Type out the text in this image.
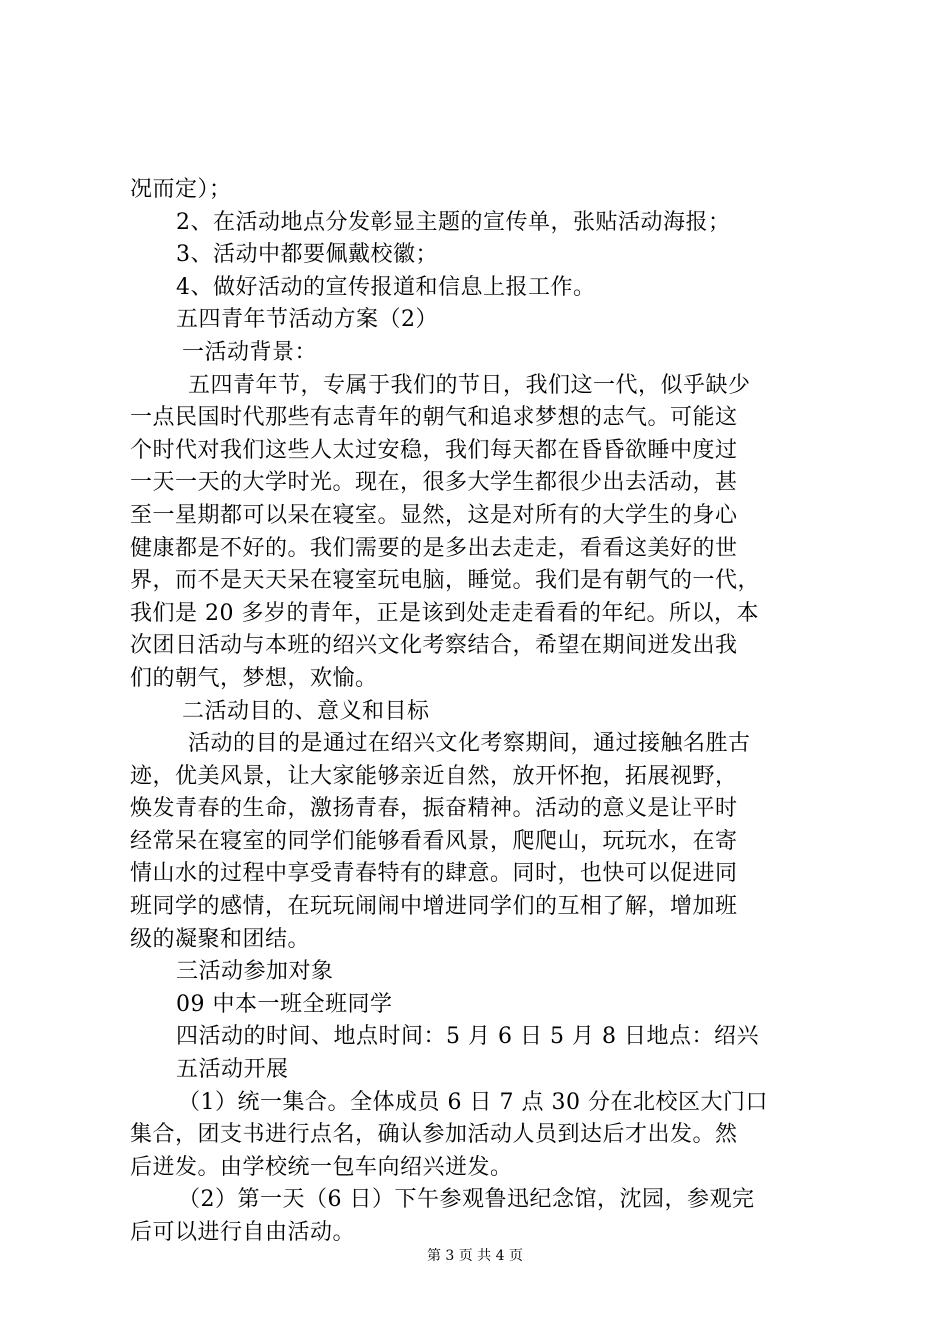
况而定）；
2、在活动地点分发彰显主题的宣传单，张贴活动海报；
3、活动中都要佩戴校徽；
4、做好活动的宣传报道和信息上报工作。
五四青年节活动方案（2）
一活动背景：
五四青年节，专属于我们的节日，我们这一代，似乎缺少
一点民国时代那些有志青年的朝气和追求梦想的志气。可能这
个时代对我们这些人太过安稳，我们每天都在昏昏欲睡中度过
一天一天的大学时光。现在，很多大学生都很少出去活动，甚
至一星期都可以呆在寝室。显然，这是对所有的大学生的身心
健康都是不好的。我们需要的是多出去走走，看看这美好的世
界，而不是天天呆在寝室玩电脑，睡觉。我们是有朝气的一代，
我们是 20 多岁的青年，正是该到处走走看看的年纪。所以，本
次团日活动与本班的绍兴文化考察结合，希望在期间迸发出我
们的朝气，梦想，欢愉。
二活动目的、意义和目标
活动的目的是通过在绍兴文化考察期间，通过接触名胜古
迹，优美风景，让大家能够亲近自然，放开怀抱，拓展视野，
焕发青春的生命，激扬青春，振奋精神。活动的意义是让平时
经常呆在寝室的同学们能够看看风景，爬爬山，玩玩水，在寄
情山水的过程中享受青春特有的肆意。同时，也快可以促进同
班同学的感情，在玩玩闹闹中增进同学们的互相了解，增加班
级的凝聚和团结。
三活动参加对象
09 中本一班全班同学
四活动的时间、地点时间：5 月 6 日 5 月 8 日地点：绍兴
五活动开展
（1）统一集合。全体成员 6 日 7 点 30 分在北校区大门口
集合，团支书进行点名，确认参加活动人员到达后才出发。然
后迸发。由学校统一包车向绍兴迸发。
（2）第一天（6 日）下午参观鲁迅纪念馆，沈园，参观完
后可以进行自由活动。
第 3 页 共 4 页
